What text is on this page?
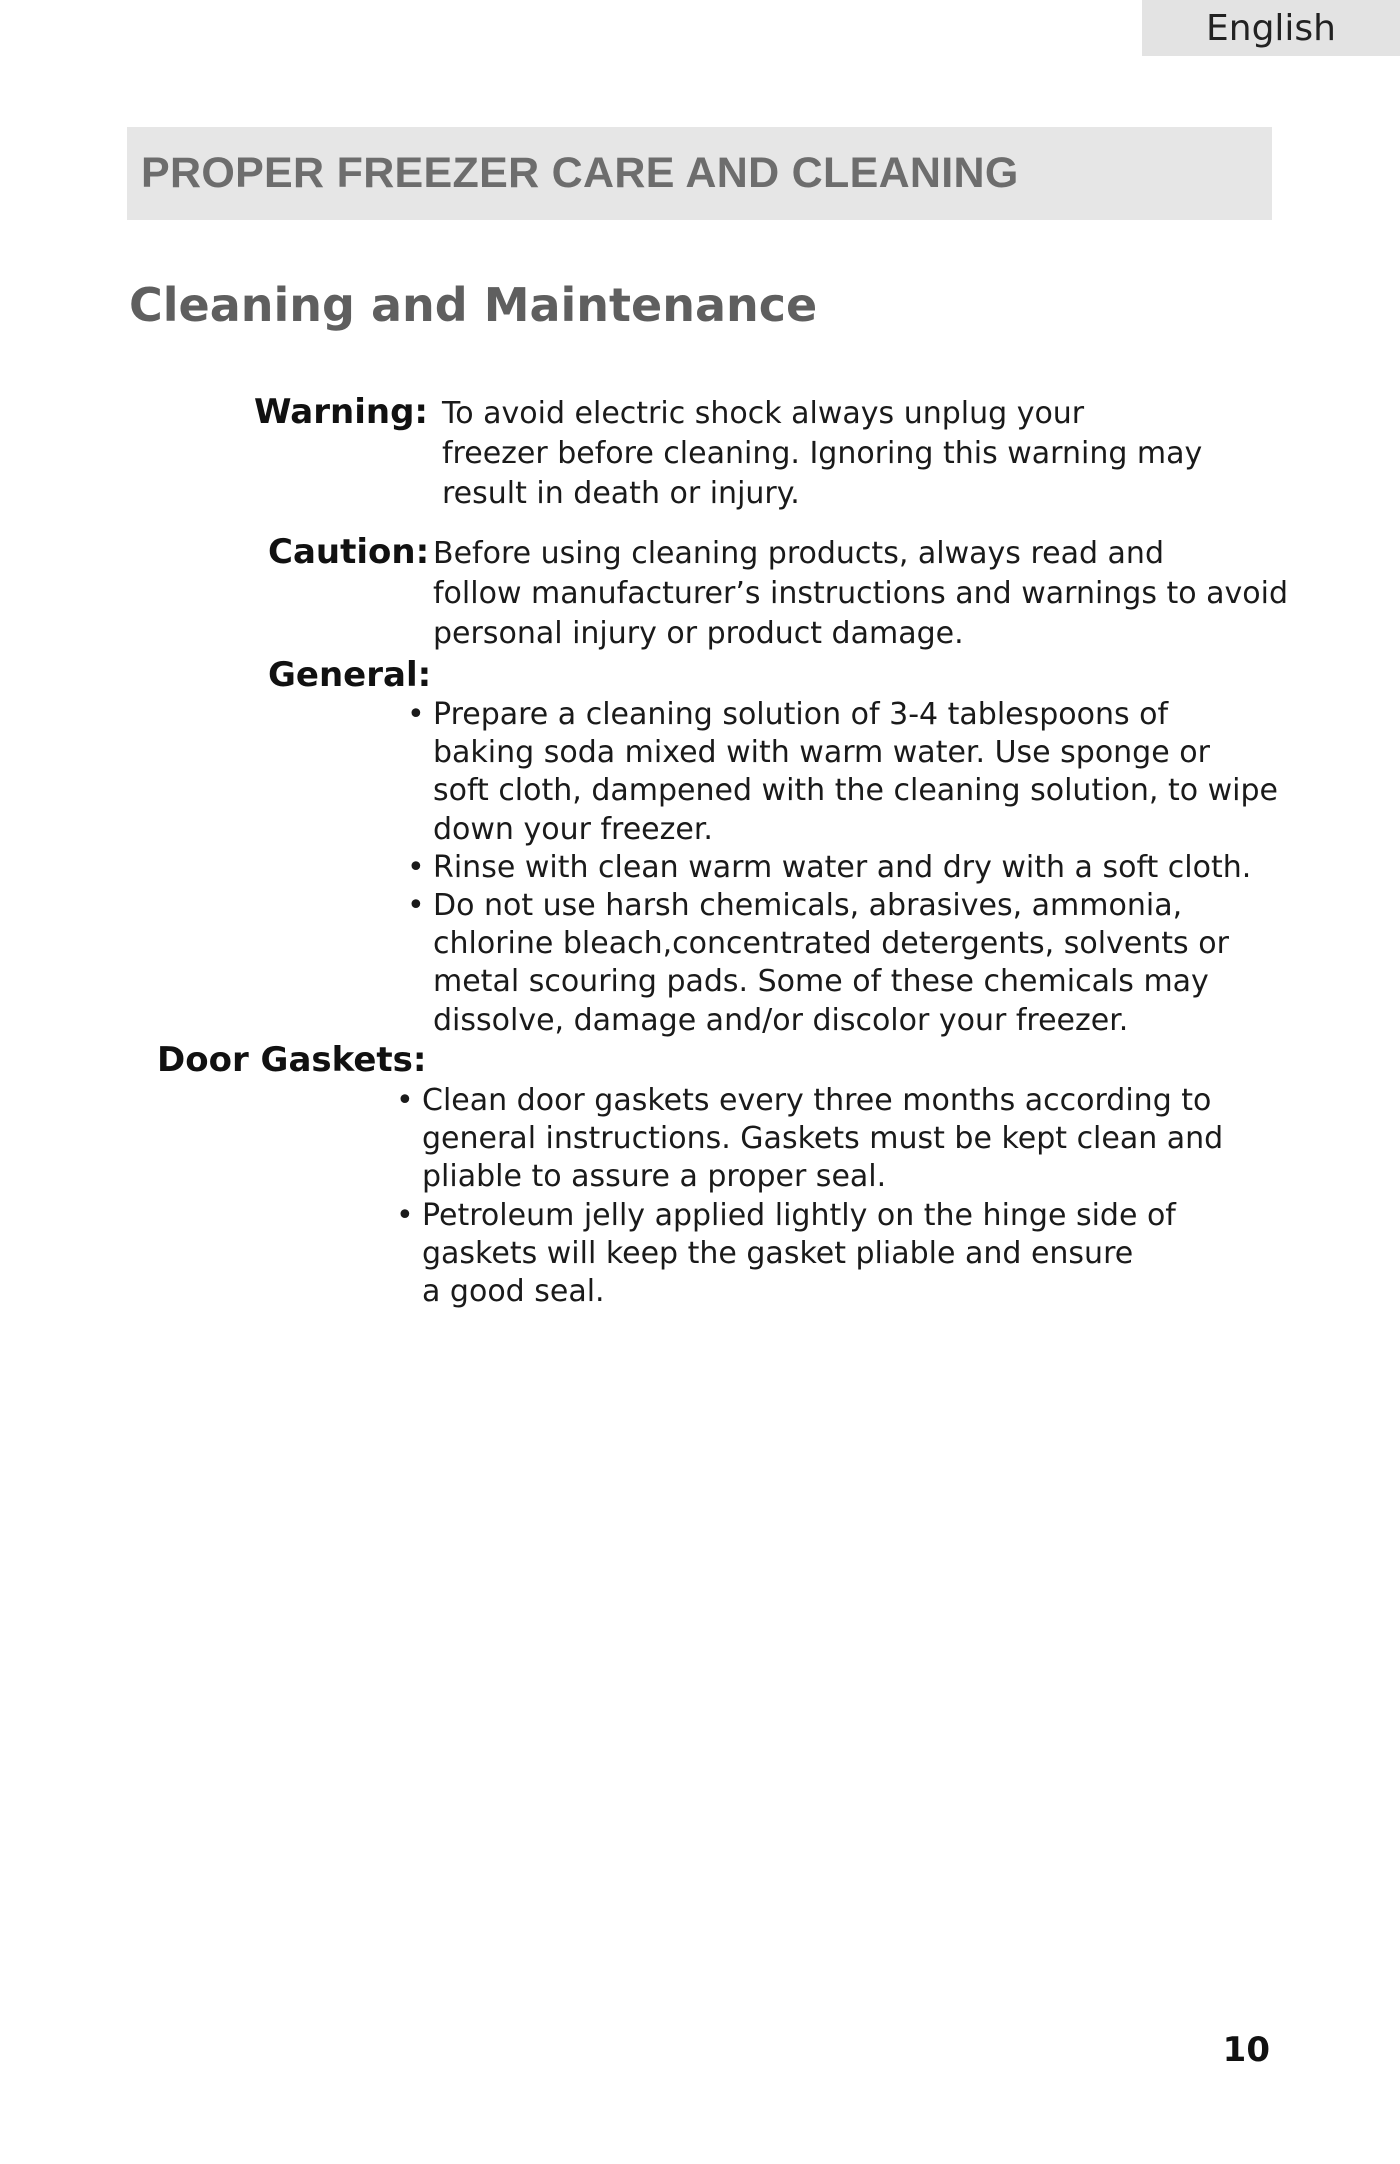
English
PROPER FREEZER CARE AND CLEANING
Cleaning and Maintenance
Warning: To avoid electric shock always unplug your
freezer before cleaning. Ignoring this warning may
result in death or injury.

Caution: Before using cleaning products, always read and
follow manufacturer’s instructions and warnings to avoid
personal injury or product damage.

General:
• Prepare a cleaning solution of 3-4 tablespoons of
baking soda mixed with warm water. Use sponge or
soft cloth, dampened with the cleaning solution, to wipe
down your freezer.
• Rinse with clean warm water and dry with a soft cloth.
• Do not use harsh chemicals, abrasives, ammonia,
chlorine bleach,concentrated detergents, solvents or
metal scouring pads. Some of these chemicals may
dissolve, damage and/or discolor your freezer.
Door Gaskets:
• Clean door gaskets every three months according to
general instructions. Gaskets must be kept clean and
pliable to assure a proper seal.
• Petroleum jelly applied lightly on the hinge side of
gaskets will keep the gasket pliable and ensure
a good seal.
10
